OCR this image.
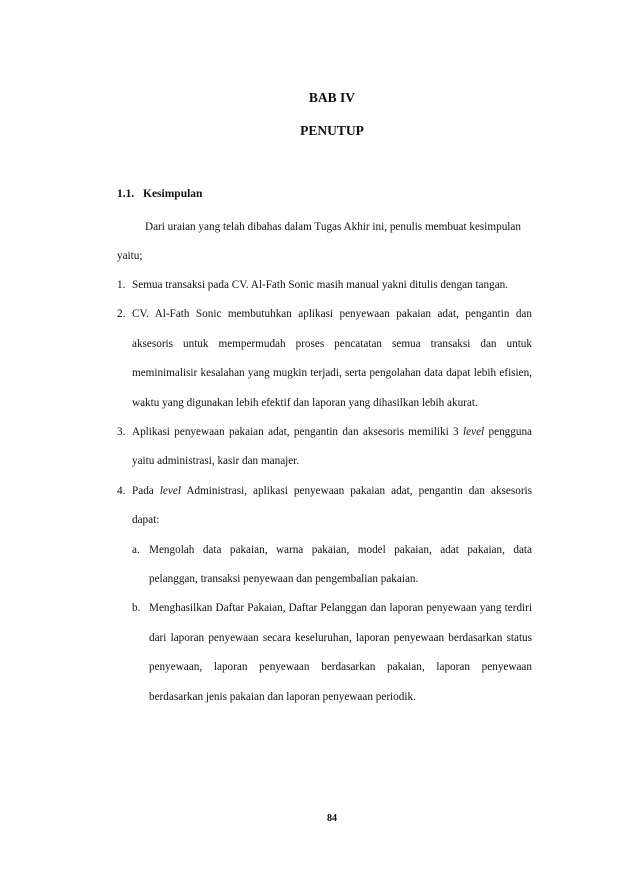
BAB IV
PENUTUP
1.1. Kesimpulan
Dari uraian yang telah dibahas dalam Tugas Akhir ini, penulis membuat kesimpulan yaitu;
1. Semua transaksi pada CV. Al-Fath Sonic masih manual yakni ditulis dengan tangan.
2. CV. Al-Fath Sonic membutuhkan aplikasi penyewaan pakaian adat, pengantin dan aksesoris untuk mempermudah proses pencatatan semua transaksi dan untuk meminimalisir kesalahan yang mugkin terjadi, serta pengolahan data dapat lebih efisien, waktu yang digunakan lebih efektif dan laporan yang dihasilkan lebih akurat.
3. Aplikasi penyewaan pakaian adat, pengantin dan aksesoris memiliki 3 level pengguna yaitu administrasi, kasir dan manajer.
4. Pada level Administrasi, aplikasi penyewaan pakaian adat, pengantin dan aksesoris dapat:
a. Mengolah data pakaian, warna pakaian, model pakaian, adat pakaian, data pelanggan, transaksi penyewaan dan pengembalian pakaian.
b. Menghasilkan Daftar Pakaian, Daftar Pelanggan dan laporan penyewaan yang terdiri dari laporan penyewaan secara keseluruhan, laporan penyewaan berdasarkan status penyewaan, laporan penyewaan berdasarkan pakaian, laporan penyewaan berdasarkan jenis pakaian dan laporan penyewaan periodik.
84
